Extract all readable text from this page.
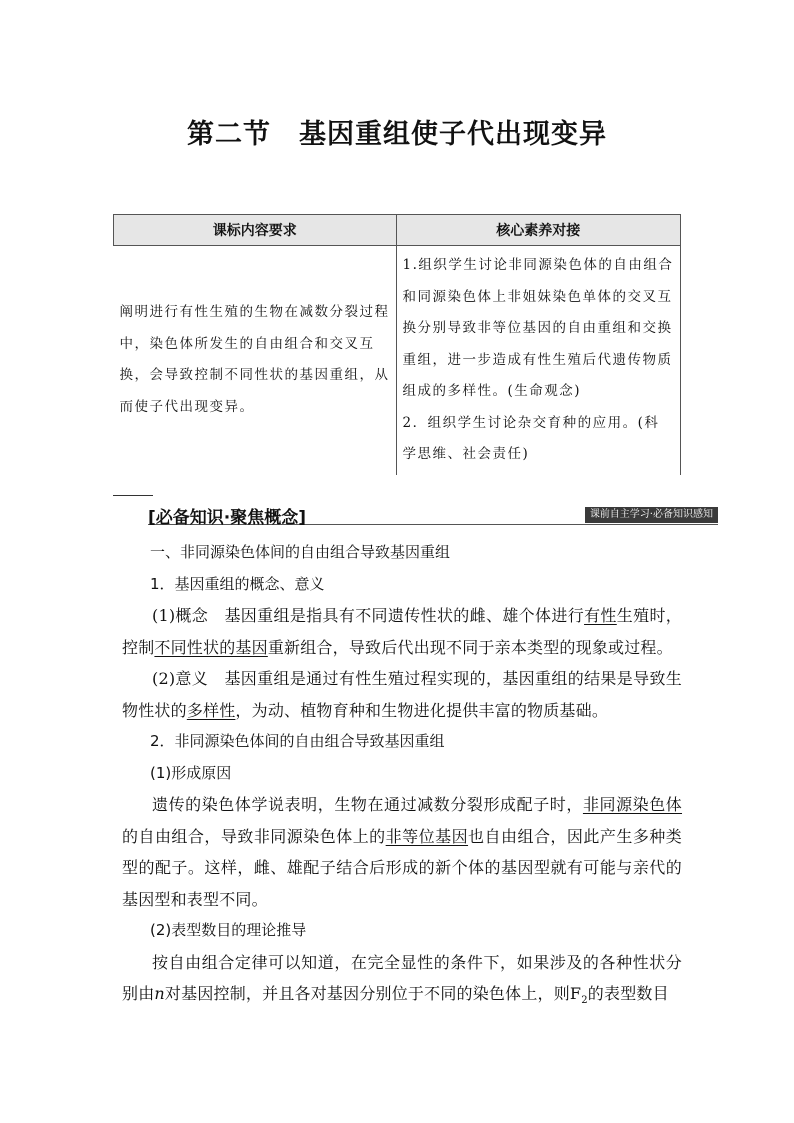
第二节　基因重组使子代出现变异
课标内容要求	核心素养对接
阐明进行有性生殖的生物在减数分裂过程中，染色体所发生的自由组合和交叉互换，会导致控制不同性状的基因重组，从而使子代出现变异。	1.组织学生讨论非同源染色体的自由组合和同源染色体上非姐妹染色单体的交叉互换分别导致非等位基因的自由重组和交换重组，进一步造成有性生殖后代遗传物质组成的多样性。(生命观念)
2．组织学生讨论杂交育种的应用。(科学思维、社会责任)
[必备知识·聚焦概念]	课前自主学习·必备知识感知

一、非同源染色体间的自由组合导致基因重组

1．基因重组的概念、意义

(1)概念　基因重组是指具有不同遗传性状的雌、雄个体进行有性生殖时，控制不同性状的基因重新组合，导致后代出现不同于亲本类型的现象或过程。

(2)意义　基因重组是通过有性生殖过程实现的，基因重组的结果是导致生物性状的多样性，为动、植物育种和生物进化提供丰富的物质基础。

2．非同源染色体间的自由组合导致基因重组

(1)形成原因

遗传的染色体学说表明，生物在通过减数分裂形成配子时，非同源染色体的自由组合，导致非同源染色体上的非等位基因也自由组合，因此产生多种类型的配子。这样，雌、雄配子结合后形成的新个体的基因型就有可能与亲代的基因型和表型不同。

(2)表型数目的理论推导

按自由组合定律可以知道，在完全显性的条件下，如果涉及的各种性状分别由n对基因控制，并且各对基因分别位于不同的染色体上，则$F_2$的表型数目
